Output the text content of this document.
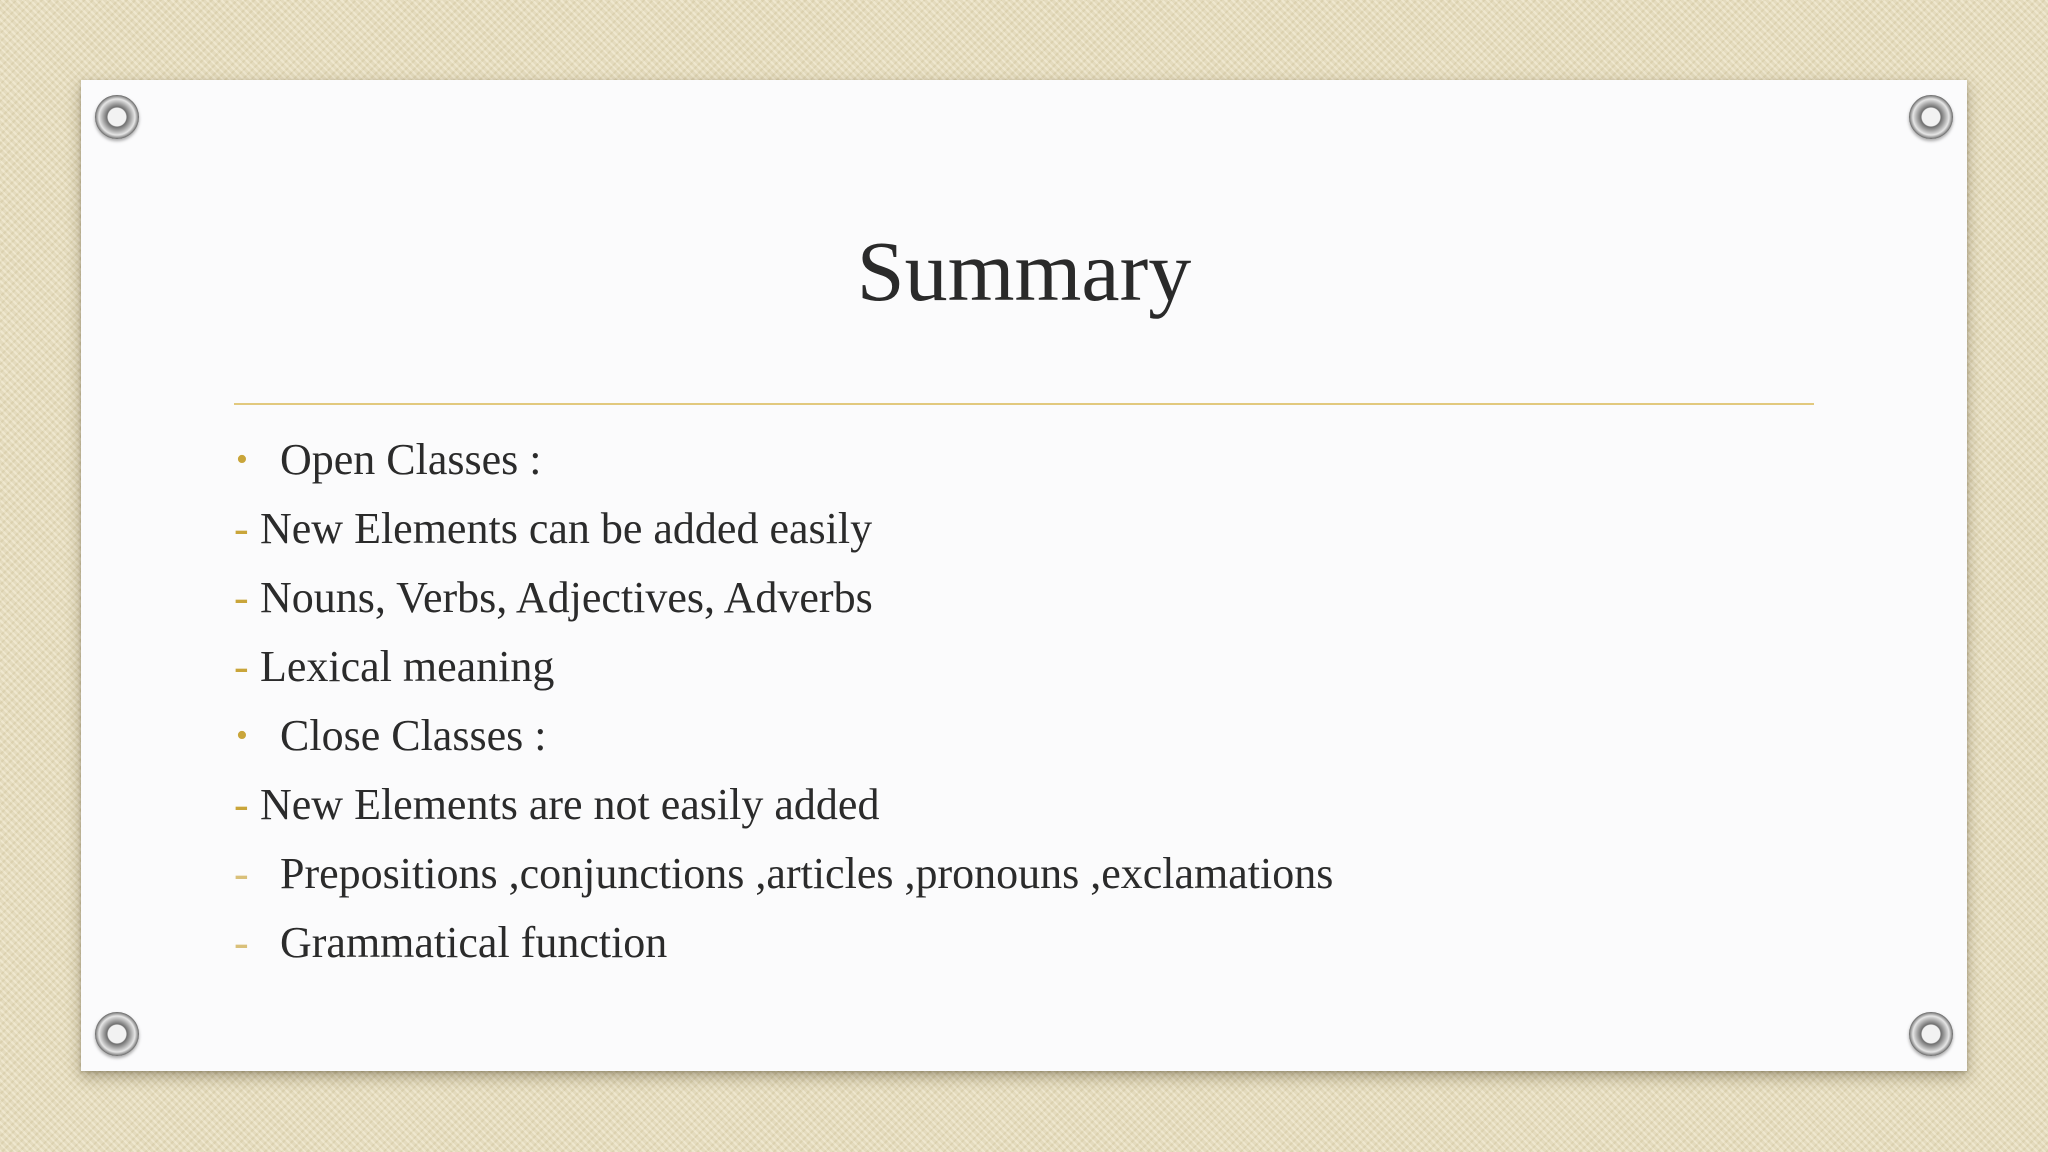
Summary
• Open Classes :
- New Elements can be added easily
- Nouns, Verbs, Adjectives, Adverbs
- Lexical meaning
• Close Classes :
- New Elements are not easily added
- Prepositions ,conjunctions ,articles ,pronouns ,exclamations
- Grammatical function
